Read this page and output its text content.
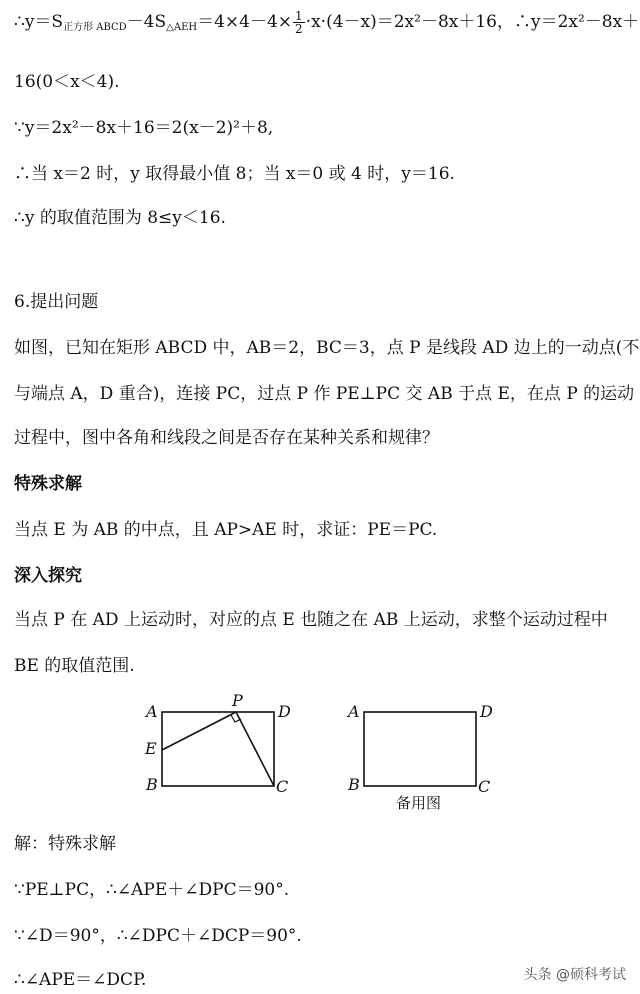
$\therefore y=S_{正方形 ABCD}-4S_{\triangle AEH}=4\times 4-4\times \frac{1}{2} \cdot x\cdot(4-x)=2x^2-8x+16$，∴y＝2x²－8x＋
16(0＜x＜4).
∵y＝2x²－8x＋16＝2(x－2)²＋8,
∴当 x＝2 时，y 取得最小值 8；当 x＝0 或 4 时，y＝16.
∴y 的取值范围为 8≤y＜16.
6.提出问题
如图，已知在矩形 ABCD 中，AB＝2，BC＝3，点 P 是线段 AD 边上的一动点(不
与端点 A，D 重合)，连接 PC，过点 P 作 PE⊥PC 交 AB 于点 E，在点 P 的运动
过程中，图中各角和线段之间是否存在某种关系和规律？
特殊求解
当点 E 为 AB 的中点，且 AP>AE 时，求证：PE＝PC.
深入探究
当点 P 在 AD 上运动时，对应的点 E 也随之在 AB 上运动，求整个运动过程中
BE 的取值范围.
A
P
D
E
B	C
A	D
B	C
备用图
解：特殊求解
∵PE⊥PC，∴∠APE＋∠DPC＝90°.
∵∠D＝90°，∴∠DPC＋∠DCP＝90°.
∴∠APE＝∠DCP.	头条 @硕科考试
